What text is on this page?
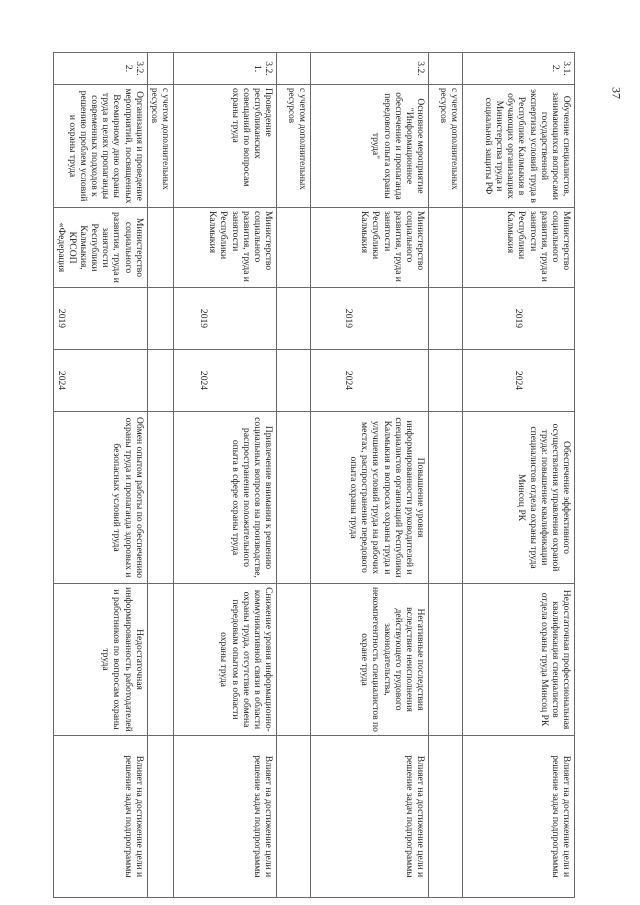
37
3.1.
2.	Обучение специалистов, занимающихся вопросами государственной экспертизы условий труда в Республике Калмыкия в обучающих организациях Министерства труда и социальной защиты РФ	Министерство социального развития, труда и занятости Республики Калмыкия	2019	2024	Обеспечение эффективного осуществления управления охраной труда: повышение квалификации специалистов отдела охраны труда Минсоц РК	Недостаточная профессиональная квалификация специалистов отдела охраны труда Минсоц РК	Влияет на достижение цели и решение задач подпрограммы
	с учетом дополнительных ресурсов						
3.2.	Основное мероприятие "Информационное обеспечение и пропаганда передового опыта охраны труда"	Министерство социального развития, труда и занятости Республики Калмыкия	2019	2024	Повышение уровня информированности руководителей и специалистов организаций Республики Калмыкия в вопросах охраны труда и улучшения условий труда на рабочих местах, распространение передового опыта охраны труда	Негативные последствия вследствие неисполнения действующего трудового законодательства, некомпетентность специалистов по охране труда	Влияет на достижение цели и решение задач подпрограммы
	с учетом дополнительных ресурсов						
3.2.
1.	Проведение республиканских совещаний по вопросам охраны труда	Министерство социального развития, труда и занятости Республики Калмыкия	2019	2024	Привлечение внимания к решению социальных вопросов на производстве, распространение положительного опыта в сфере охраны труда	Снижение уровня информационно-коммуникативной связи в области охраны труда, отсутствие обмена передовым опытом в области охраны труда	Влияет на достижение цели и решение задач подпрограммы
	с учетом дополнительных ресурсов						
3.2.
2.	Организация и проведение мероприятий, посвященных Всемирному дню охраны труда в целях пропаганды современных подходов к решению проблем условий и охраны труда	Министерство социального развития, труда и занятости Республики Калмыкия, КРСОП «Федерация	2019	2024	Обмен опытом работы по обеспечению охраны труда и пропаганда здоровых и безопасных условий труда	Недостаточная информированность работодателей и работников по вопросам охраны труда	Влияет на достижение цели и решение задач подпрограммы
